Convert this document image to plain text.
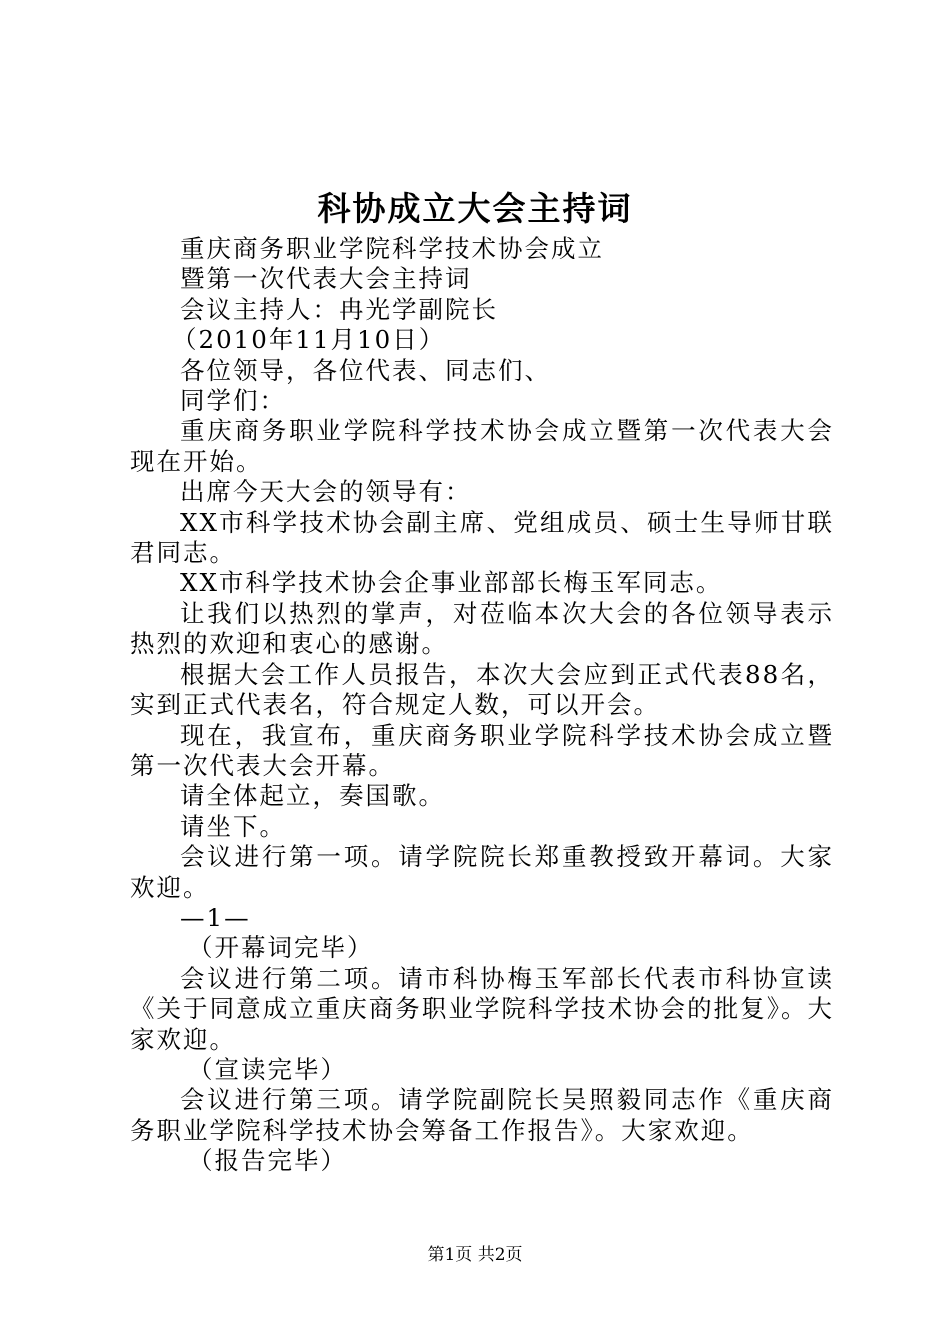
科协成立大会主持词
重庆商务职业学院科学技术协会成立
暨第一次代表大会主持词
会议主持人：冉光学副院长
（2010年11月10日）
各位领导，各位代表、同志们、
同学们：
重庆商务职业学院科学技术协会成立暨第一次代表大会现在开始。
出席今天大会的领导有：
XX市科学技术协会副主席、党组成员、硕士生导师甘联君同志。
XX市科学技术协会企事业部部长梅玉军同志。
让我们以热烈的掌声，对莅临本次大会的各位领导表示热烈的欢迎和衷心的感谢。
根据大会工作人员报告，本次大会应到正式代表88名，实到正式代表名，符合规定人数，可以开会。
现在，我宣布，重庆商务职业学院科学技术协会成立暨第一次代表大会开幕。
请全体起立，奏国歌。
请坐下。
会议进行第一项。请学院院长郑重教授致开幕词。大家欢迎。
—1—
（开幕词完毕）
会议进行第二项。请市科协梅玉军部长代表市科协宣读《关于同意成立重庆商务职业学院科学技术协会的批复》。大家欢迎。
（宣读完毕）
会议进行第三项。请学院副院长吴照毅同志作《重庆商务职业学院科学技术协会筹备工作报告》。大家欢迎。
（报告完毕）
第1页 共2页
